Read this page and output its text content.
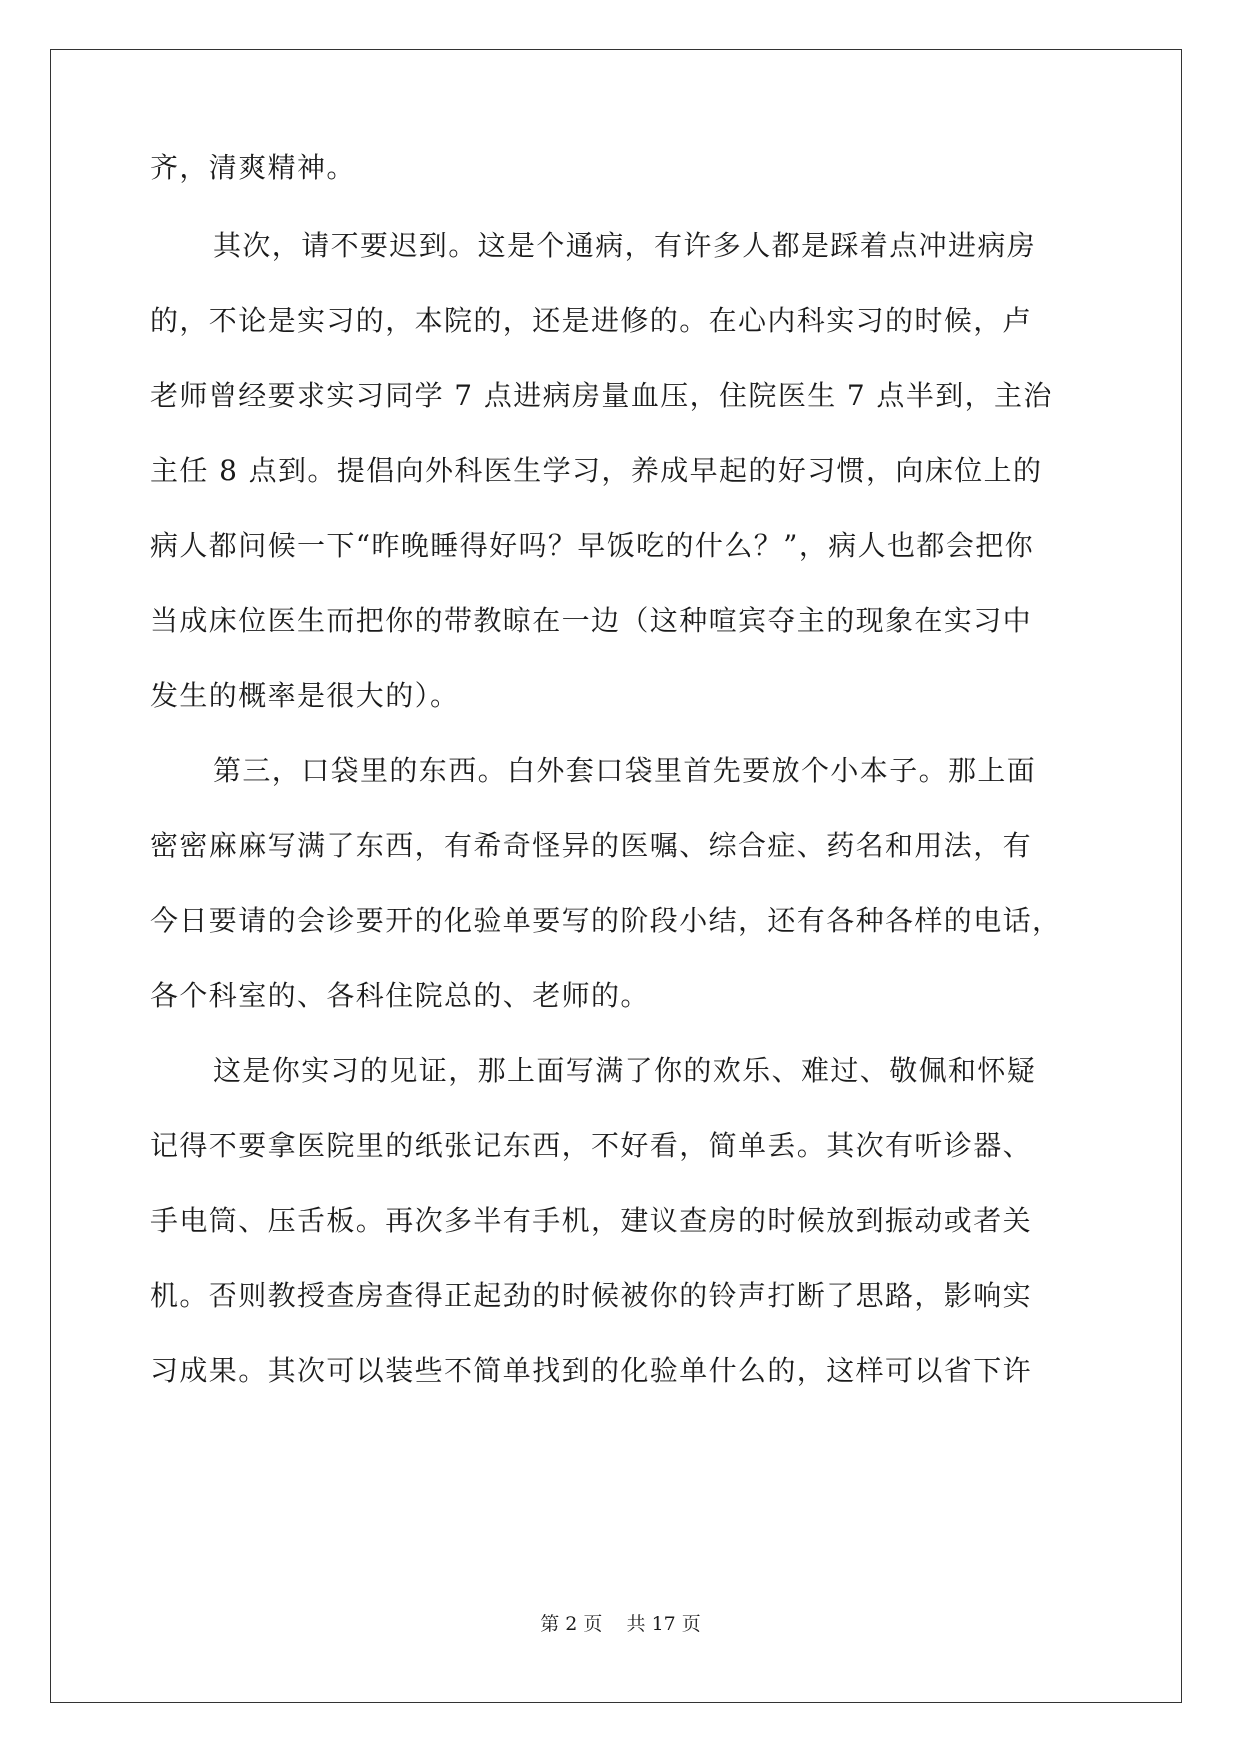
齐，清爽精神。
其次，请不要迟到。这是个通病，有许多人都是踩着点冲进病房
的，不论是实习的，本院的，还是进修的。在心内科实习的时候，卢
老师曾经要求实习同学 7 点进病房量血压，住院医生 7 点半到，主治
主任 8 点到。提倡向外科医生学习，养成早起的好习惯，向床位上的
病人都问候一下“昨晚睡得好吗？早饭吃的什么？”，病人也都会把你
当成床位医生而把你的带教晾在一边（这种喧宾夺主的现象在实习中
发生的概率是很大的）。
第三，口袋里的东西。白外套口袋里首先要放个小本子。那上面
密密麻麻写满了东西，有希奇怪异的医嘱、综合症、药名和用法，有
今日要请的会诊要开的化验单要写的阶段小结，还有各种各样的电话，
各个科室的、各科住院总的、老师的。
这是你实习的见证，那上面写满了你的欢乐、难过、敬佩和怀疑
记得不要拿医院里的纸张记东西，不好看，简单丢。其次有听诊器、
手电筒、压舌板。再次多半有手机，建议查房的时候放到振动或者关
机。否则教授查房查得正起劲的时候被你的铃声打断了思路，影响实
习成果。其次可以装些不简单找到的化验单什么的，这样可以省下许
第 2 页    共 17 页
